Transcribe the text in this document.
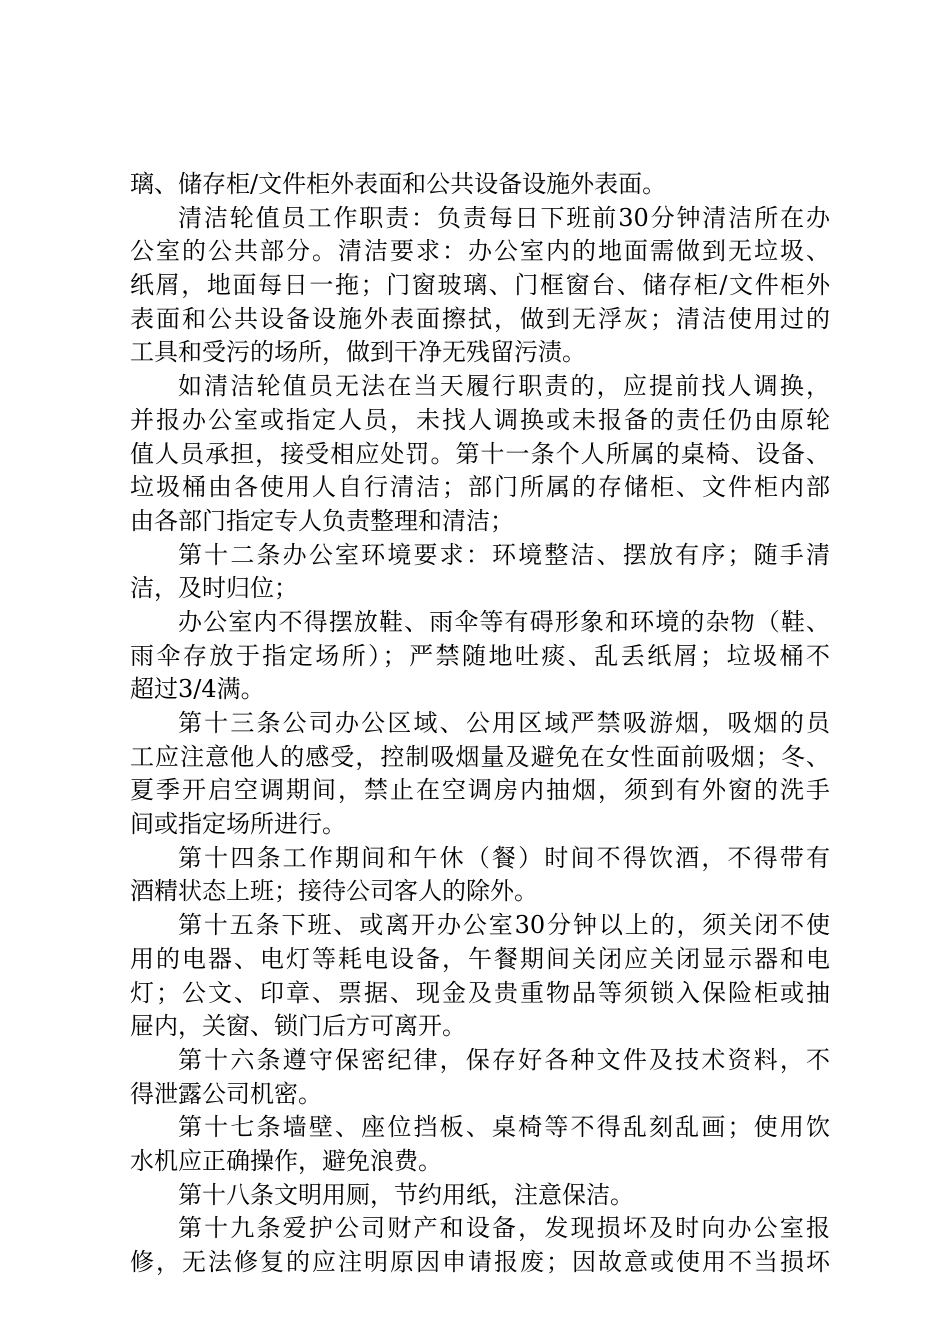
璃、储存柜/文件柜外表面和公共设备设施外表面。
清洁轮值员工作职责：负责每日下班前30分钟清洁所在办
公室的公共部分。清洁要求：办公室内的地面需做到无垃圾、
纸屑，地面每日一拖；门窗玻璃、门框窗台、储存柜/文件柜外
表面和公共设备设施外表面擦拭，做到无浮灰；清洁使用过的
工具和受污的场所，做到干净无残留污渍。
如清洁轮值员无法在当天履行职责的，应提前找人调换，
并报办公室或指定人员，未找人调换或未报备的责任仍由原轮
值人员承担，接受相应处罚。第十一条个人所属的桌椅、设备、
垃圾桶由各使用人自行清洁；部门所属的存储柜、文件柜内部
由各部门指定专人负责整理和清洁；
第十二条办公室环境要求：环境整洁、摆放有序；随手清
洁，及时归位；
办公室内不得摆放鞋、雨伞等有碍形象和环境的杂物（鞋、
雨伞存放于指定场所）；严禁随地吐痰、乱丢纸屑；垃圾桶不
超过3/4满。
第十三条公司办公区域、公用区域严禁吸游烟，吸烟的员
工应注意他人的感受，控制吸烟量及避免在女性面前吸烟；冬、
夏季开启空调期间，禁止在空调房内抽烟，须到有外窗的洗手
间或指定场所进行。
第十四条工作期间和午休（餐）时间不得饮酒，不得带有
酒精状态上班；接待公司客人的除外。
第十五条下班、或离开办公室30分钟以上的，须关闭不使
用的电器、电灯等耗电设备，午餐期间关闭应关闭显示器和电
灯；公文、印章、票据、现金及贵重物品等须锁入保险柜或抽
屉内，关窗、锁门后方可离开。
第十六条遵守保密纪律，保存好各种文件及技术资料，不
得泄露公司机密。
第十七条墙壁、座位挡板、桌椅等不得乱刻乱画；使用饮
水机应正确操作，避免浪费。
第十八条文明用厕，节约用纸，注意保洁。
第十九条爱护公司财产和设备，发现损坏及时向办公室报
修，无法修复的应注明原因申请报废；因故意或使用不当损坏
